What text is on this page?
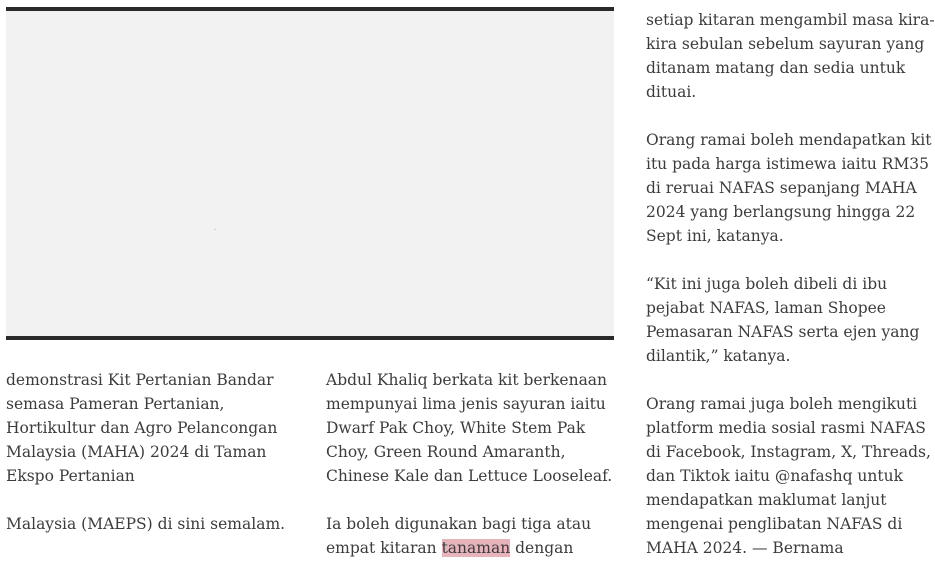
demonstrasi Kit Pertanian Bandar
semasa Pameran Pertanian,
Hortikultur dan Agro Pelancongan
Malaysia (MAHA) 2024 di Taman
Ekspo Pertanian

Malaysia (MAEPS) di sini semalam.

Abdul Khaliq berkata kit berkenaan
mempunyai lima jenis sayuran iaitu
Dwarf Pak Choy, White Stem Pak
Choy, Green Round Amaranth,
Chinese Kale dan Lettuce Looseleaf.

Ia boleh digunakan bagi tiga atau
empat kitaran tanaman dengan

setiap kitaran mengambil masa kira-
kira sebulan sebelum sayuran yang
ditanam matang dan sedia untuk
dituai.

Orang ramai boleh mendapatkan kit
itu pada harga istimewa iaitu RM35
di reruai NAFAS sepanjang MAHA
2024 yang berlangsung hingga 22
Sept ini, katanya.

“Kit ini juga boleh dibeli di ibu
pejabat NAFAS, laman Shopee
Pemasaran NAFAS serta ejen yang
dilantik,” katanya.

Orang ramai juga boleh mengikuti
platform media sosial rasmi NAFAS
di Facebook, Instagram, X, Threads,
dan Tiktok iaitu @nafashq untuk
mendapatkan maklumat lanjut
mengenai penglibatan NAFAS di
MAHA 2024. — Bernama
